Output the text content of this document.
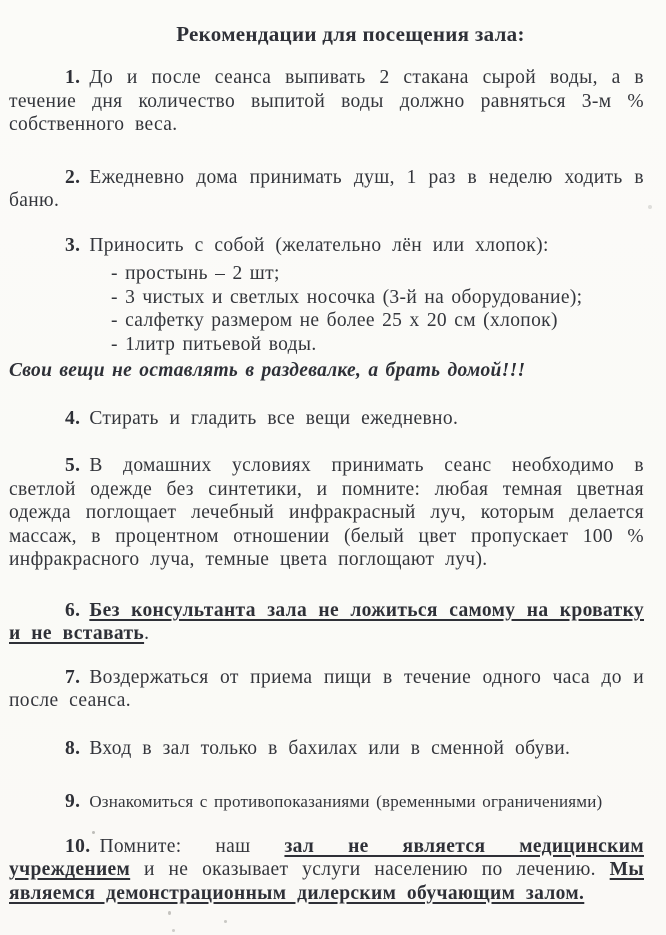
Рекомендации для посещения зала:

1. До и после сеанса выпивать 2 стакана сырой воды, а в течение дня количество выпитой воды должно равняться 3-м % собственного веса.

2. Ежедневно дома принимать душ, 1 раз в неделю ходить в баню.

3. Приносить с собой (желательно лён или хлопок):

- простынь – 2 шт;
- 3 чистых и светлых носочка (3-й на оборудование);
- салфетку размером не более 25 х 20 см (хлопок)
- 1литр питьевой воды.

Свои вещи не оставлять в раздевалке, а брать домой!!!

4. Стирать и гладить все вещи ежедневно.

5. В домашних условиях принимать сеанс необходимо в светлой одежде без синтетики, и помните: любая темная цветная одежда поглощает лечебный инфракрасный луч, которым делается массаж, в процентном отношении (белый цвет пропускает 100 % инфракрасного луча, темные цвета поглощают луч).

6. Без консультанта зала не ложиться самому на кроватку и не вставать.

7. Воздержаться от приема пищи в течение одного часа до и после сеанса.

8. Вход в зал только в бахилах или в сменной обуви.

9. Ознакомиться с противопоказаниями (временными ограничениями)

10. Помните: наш зал не является медицинским учреждением и не оказывает услуги населению по лечению. Мы являемся демонстрационным дилерским обучающим залом.
